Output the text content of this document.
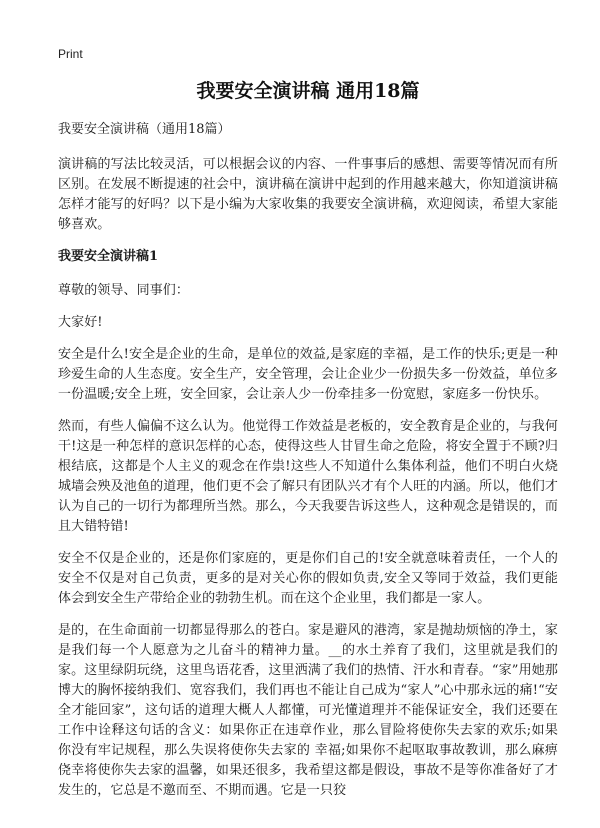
Print
我要安全演讲稿 通用18篇
我要安全演讲稿（通用18篇）

演讲稿的写法比较灵活，可以根据会议的内容、一件事事后的感想、需要等情况而有所区别。在发展不断提速的社会中，演讲稿在演讲中起到的作用越来越大，你知道演讲稿怎样才能写的好吗？以下是小编为大家收集的我要安全演讲稿，欢迎阅读，希望大家能够喜欢。

我要安全演讲稿1

尊敬的领导、同事们：

大家好!

安全是什么!安全是企业的生命，是单位的效益,是家庭的幸福，是工作的快乐;更是一种珍爱生命的人生态度。安全生产，安全管理，会让企业少一份损失多一份效益，单位多一份温暖;安全上班，安全回家，会让亲人少一份牵挂多一份宽慰，家庭多一份快乐。

然而，有些人偏偏不这么认为。他觉得工作效益是老板的，安全教育是企业的，与我何干!这是一种怎样的意识怎样的心态，使得这些人甘冒生命之危险，将安全置于不顾?归根结底，这都是个人主义的观念在作祟!这些人不知道什么集体利益，他们不明白火烧城墙会殃及池鱼的道理，他们更不会了解只有团队兴才有个人旺的内涵。所以，他们才认为自己的一切行为都理所当然。那么，今天我要告诉这些人，这种观念是错误的，而且大错特错!

安全不仅是企业的，还是你们家庭的，更是你们自己的!安全就意味着责任，一个人的安全不仅是对自己负责，更多的是对关心你的假如负责,安全又等同于效益，我们更能体会到安全生产带给企业的勃勃生机。而在这个企业里，我们都是一家人。

是的，在生命面前一切都显得那么的苍白。家是避风的港湾，家是抛劫烦恼的净土，家是我们每一个人愿意为之儿奋斗的精神力量。__的水土养育了我们，这里就是我们的家。这里绿阴玩绕，这里鸟语花香，这里洒满了我们的热情、汗水和青春。“家”用她那博大的胸怀接纳我们、宽容我们，我们再也不能让自己成为“家人”心中那永远的痛!“安全才能回家”，这句话的道理大概人人都懂，可光懂道理并不能保证安全，我们还要在工作中诠释这句话的含义：如果你正在违章作业，那么冒险将使你失去家的欢乐;如果你没有牢记规程，那么失误将使你失去家的 幸福;如果你不起呕取事故教训，那么麻痹侥幸将使你失去家的温馨，如果还很多，我希望这都是假设，事故不是等你准备好了才发生的，它总是不邀而至、不期而遇。它是一只狡
